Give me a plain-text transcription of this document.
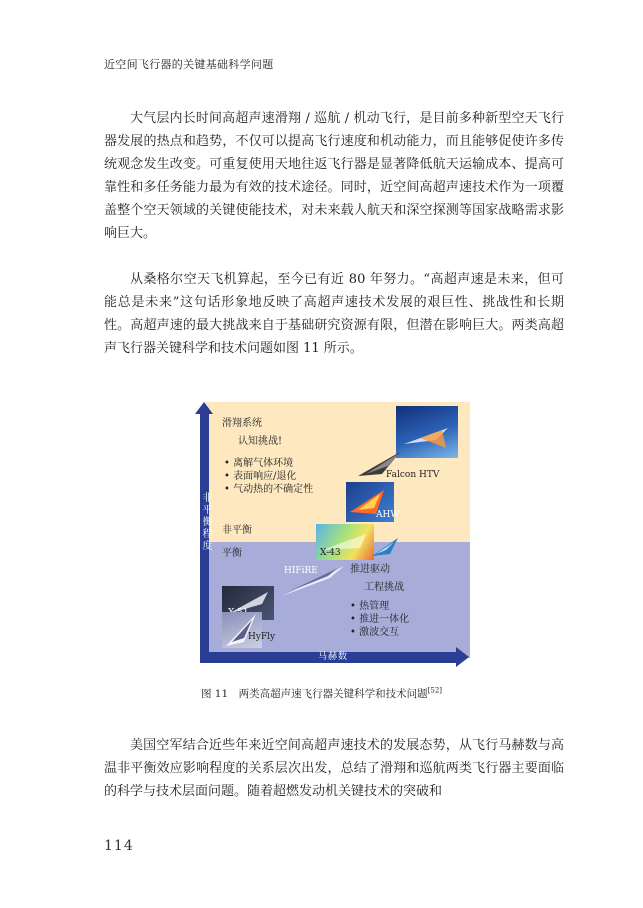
近空间飞行器的关键基础科学问题

大气层内长时间高超声速滑翔 / 巡航 / 机动飞行，是目前多种新型空天飞行器发展的热点和趋势，不仅可以提高飞行速度和机动能力，而且能够促使许多传统观念发生改变。可重复使用天地往返飞行器是显著降低航天运输成本、提高可靠性和多任务能力最为有效的技术途径。同时，近空间高超声速技术作为一项覆盖整个空天领域的关键使能技术，对未来载人航天和深空探测等国家战略需求影响巨大。

从桑格尔空天飞机算起，至今已有近 80 年努力。“高超声速是未来，但可能总是未来”这句话形象地反映了高超声速技术发展的艰巨性、挑战性和长期性。高超声速的最大挑战来自于基础研究资源有限，但潜在影响巨大。两类高超声飞行器关键科学和技术问题如图 11 所示。

非平衡程度
马赫数
滑翔系统
认知挑战!
• 离解气体环境
• 表面响应/退化
• 气动热的不确定性
非平衡
平衡
推进驱动
工程挑战
• 热管理
• 推进一体化
• 激波交互
Falcon HTV
AHW
X-43
HIFiRE
HyFly
图 11　两类高超声速飞行器关键科学和技术问题[52]

美国空军结合近些年来近空间高超声速技术的发展态势，从飞行马赫数与高温非平衡效应影响程度的关系层次出发，总结了滑翔和巡航两类飞行器主要面临的科学与技术层面问题。随着超燃发动机关键技术的突破和

114
